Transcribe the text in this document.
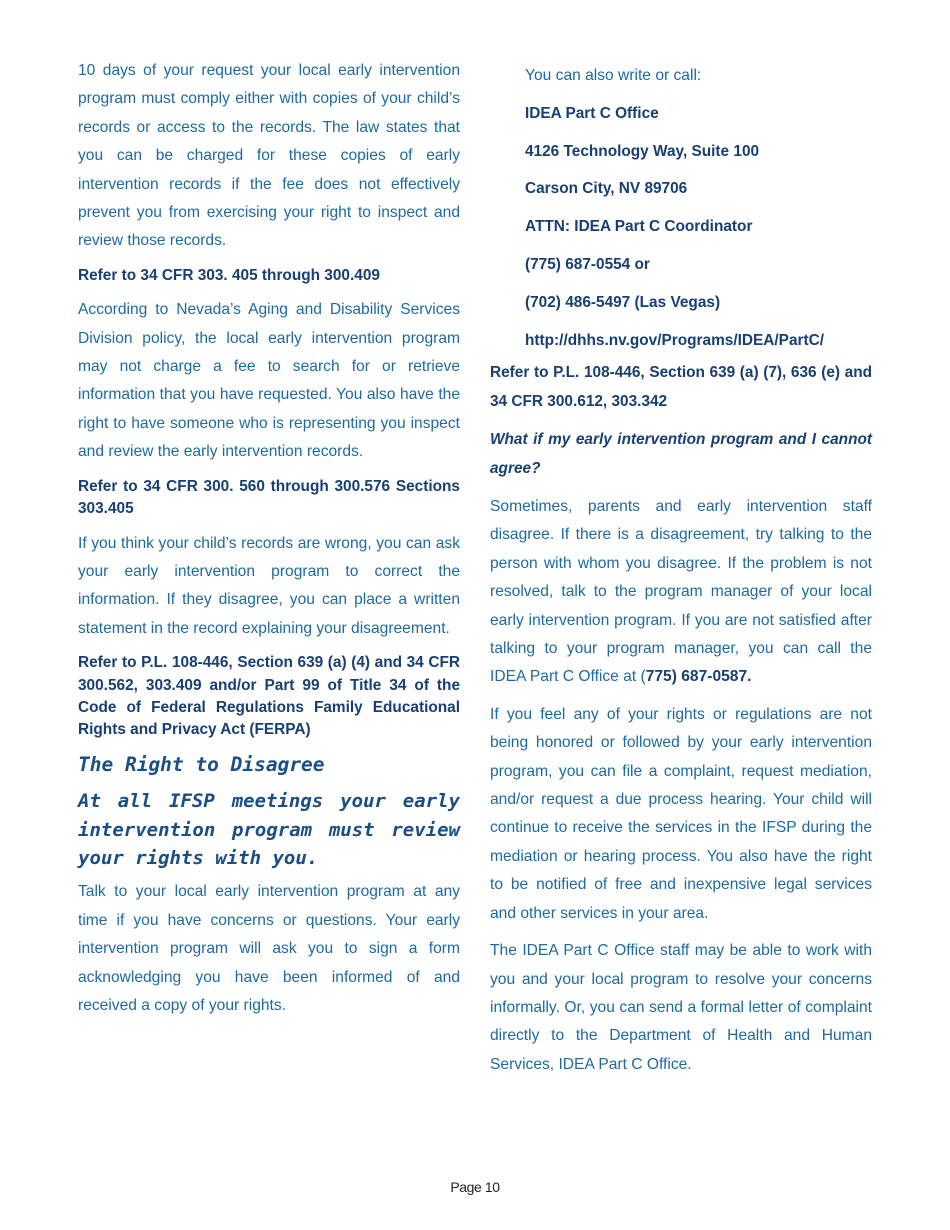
10 days of your request your local early intervention program must comply either with copies of your child’s records or access to the records. The law states that you can be charged for these copies of early intervention records if the fee does not effectively prevent you from exercising your right to inspect and review those records.

Refer to 34 CFR 303. 405 through 300.409

According to Nevada’s Aging and Disability Services Division policy, the local early intervention program may not charge a fee to search for or retrieve information that you have requested. You also have the right to have someone who is representing you inspect and review the early intervention records.

Refer to 34 CFR 300. 560 through 300.576 Sections 303.405

If you think your child’s records are wrong, you can ask your early intervention program to correct the information. If they disagree, you can place a written statement in the record explaining your disagreement.

Refer to P.L. 108-446, Section 639 (a) (4) and 34 CFR 300.562, 303.409 and/or Part 99 of Title 34 of the Code of Federal Regulations Family Educational Rights and Privacy Act (FERPA)

The Right to Disagree
At all IFSP meetings your early intervention program must review your rights with you.

Talk to your local early intervention program at any time if you have concerns or questions. Your early intervention program will ask you to sign a form acknowledging you have been informed of and received a copy of your rights.

You can also write or call:
IDEA Part C Office
4126 Technology Way, Suite 100
Carson City, NV 89706
ATTN: IDEA Part C Coordinator
(775) 687-0554 or
(702) 486-5497 (Las Vegas)
http://dhhs.nv.gov/Programs/IDEA/PartC/

Refer to P.L. 108-446, Section 639 (a) (7), 636 (e) and 34 CFR 300.612, 303.342

What if my early intervention program and I cannot agree?

Sometimes, parents and early intervention staff disagree. If there is a disagreement, try talking to the person with whom you disagree. If the problem is not resolved, talk to the program manager of your local early intervention program. If you are not satisfied after talking to your program manager, you can call the IDEA Part C Office at (775) 687-0587.

If you feel any of your rights or regulations are not being honored or followed by your early intervention program, you can file a complaint, request mediation, and/or request a due process hearing. Your child will continue to receive the services in the IFSP during the mediation or hearing process. You also have the right to be notified of free and inexpensive legal services and other services in your area.

The IDEA Part C Office staff may be able to work with you and your local program to resolve your concerns informally. Or, you can send a formal letter of complaint directly to the Department of Health and Human Services, IDEA Part C Office.

Page 10
